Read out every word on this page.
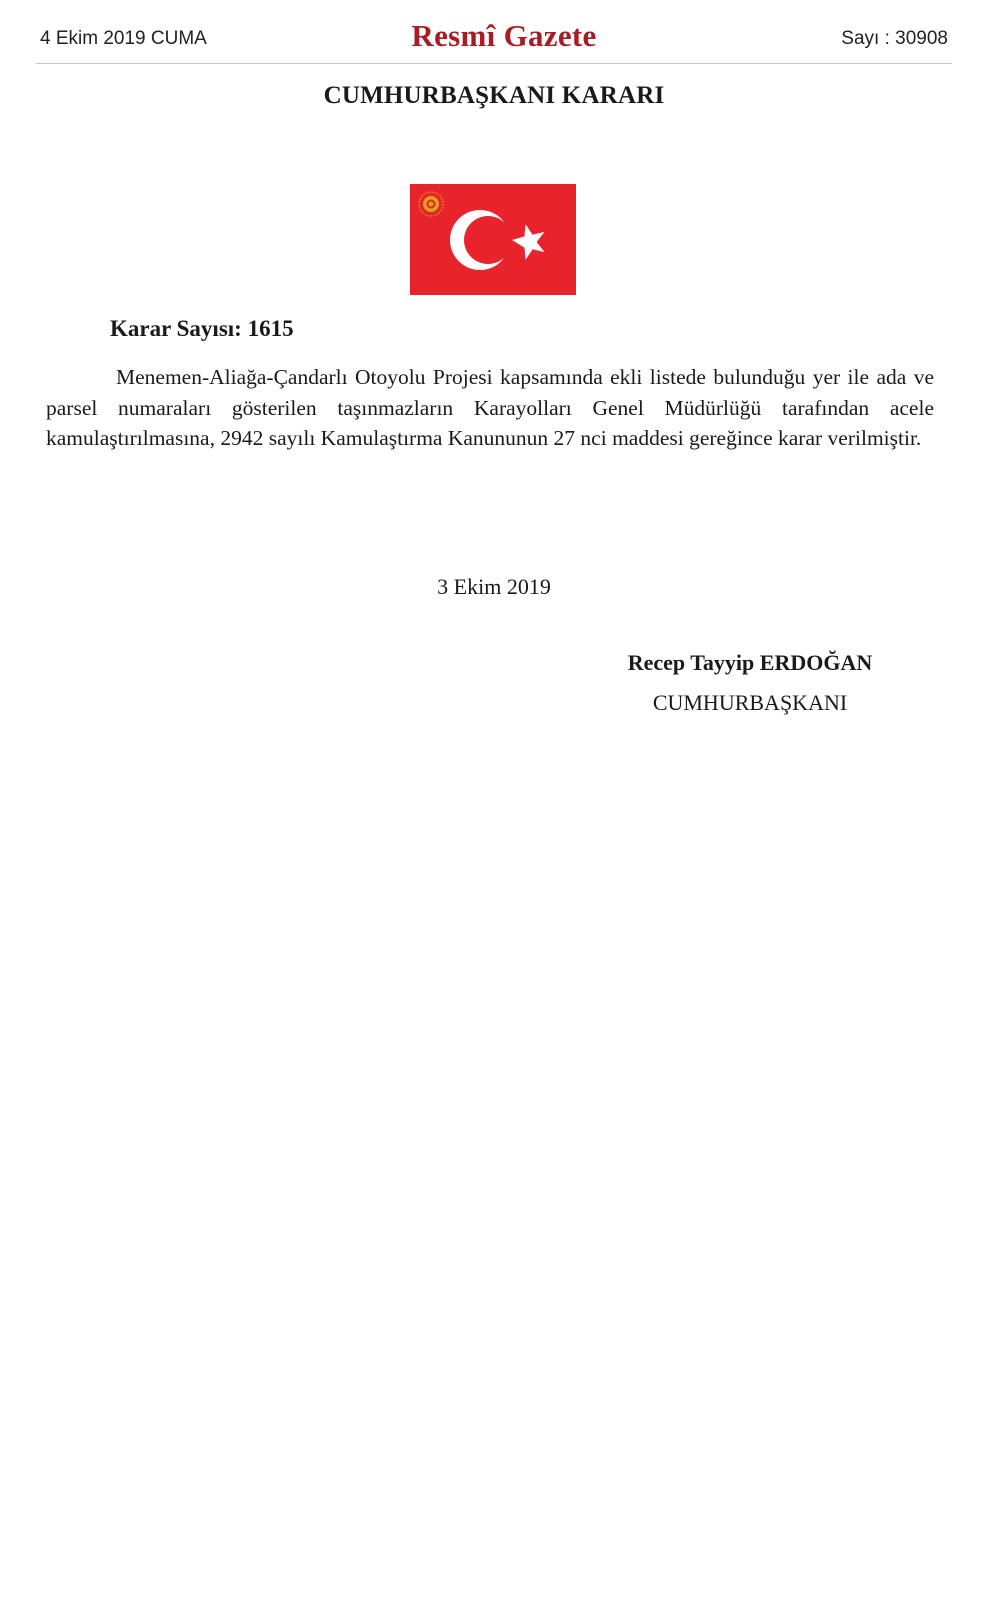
4 Ekim 2019 CUMA	Resmî Gazete	Sayı : 30908
CUMHURBAŞKANI KARARI
Karar Sayısı: 1615

Menemen-Aliağa-Çandarlı Otoyolu Projesi kapsamında ekli listede bulunduğu yer ile ada ve parsel numaraları gösterilen taşınmazların Karayolları Genel Müdürlüğü tarafından acele kamulaştırılmasına, 2942 sayılı Kamulaştırma Kanununun 27 nci maddesi gereğince karar verilmiştir.

3 Ekim 2019
Recep Tayyip ERDOĞAN
CUMHURBAŞKANI
